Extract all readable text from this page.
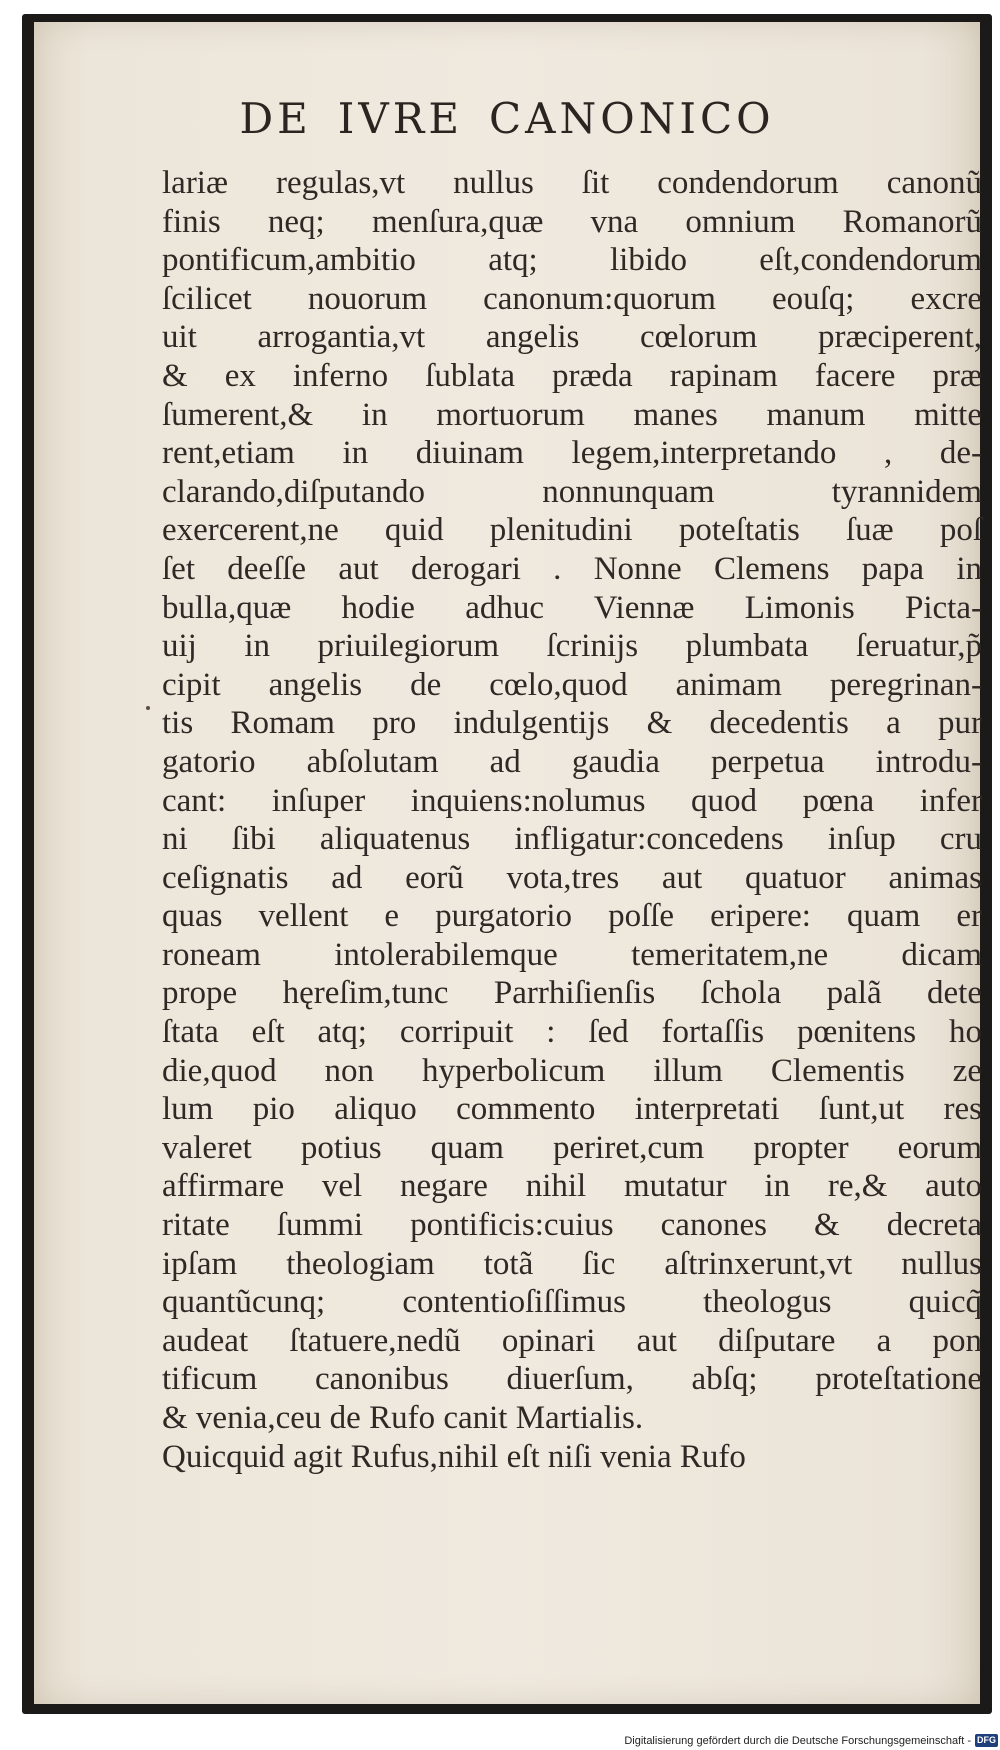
DE IVRE CANONICO
lariæ regulas,vt nullus ſit condendorum canonũ
finis neq; menſura,quæ vna omnium Romanorũ
pontificum,ambitio atq; libido eſt,condendorum
ſcilicet nouorum canonum:quorum eouſq; excre
uit arrogantia,vt angelis cœlorum præciperent,
& ex inferno ſublata præda rapinam facere præ
ſumerent,& in mortuorum manes manum mitte
rent,etiam in diuinam legem,interpretando , de-
clarando,diſputando nonnunquam tyrannidem
exercerent,ne quid plenitudini poteſtatis ſuæ poſ
ſet deeſſe aut derogari . Nonne Clemens papa in
bulla,quæ hodie adhuc Viennæ Limonis Picta-
uij in priuilegiorum ſcrinijs plumbata ſeruatur,p̃
cipit angelis de cœlo,quod animam peregrinan-
tis Romam pro indulgentijs & decedentis a pur
gatorio abſolutam ad gaudia perpetua introdu-
cant: inſuper inquiens:nolumus quod pœna infer
ni ſibi aliquatenus infligatur:concedens inſup cru
ceſignatis ad eorũ vota,tres aut quatuor animas
quas vellent e purgatorio poſſe eripere: quam er
roneam intolerabilemque temeritatem,ne dicam
prope hęreſim,tunc Parrhiſienſis ſchola palã dete
ſtata eſt atq; corripuit : ſed fortaſſis pœnitens ho
die,quod non hyperbolicum illum Clementis ze
lum pio aliquo commento interpretati ſunt,ut res
valeret potius quam periret,cum propter eorum
affirmare vel negare nihil mutatur in re,& auto
ritate ſummi pontificis:cuius canones & decreta
ipſam theologiam totã ſic aſtrinxerunt,vt nullus
quantũcunq; contentioſiſſimus theologus quicq̃
audeat ſtatuere,nedũ opinari aut diſputare a pon
tificum canonibus diuerſum, abſq; proteſtatione
& venia,ceu de Rufo canit Martialis.
Quicquid agit Rufus,nihil eſt niſi venia Rufo
Digitalisierung gefördert durch die Deutsche Forschungsgemeinschaft - DFG
